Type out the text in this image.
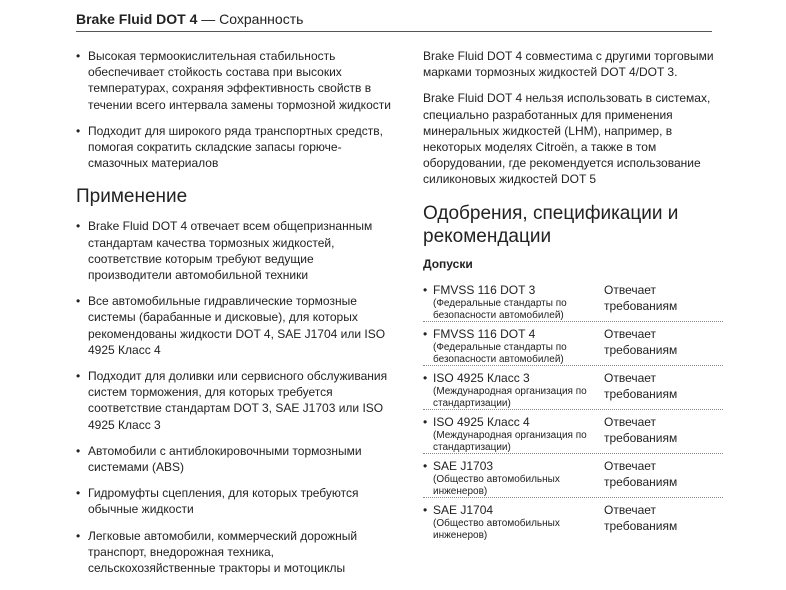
Brake Fluid DOT 4 — Сохранность
• Высокая термоокислительная стабильность обеспечивает стойкость состава при высоких температурах, сохраняя эффективность свойств в течении всего интервала замены тормозной жидкости
• Подходит для широкого ряда транспортных средств, помогая сократить складские запасы горюче-смазочных материалов
Применение
• Brake Fluid DOT 4 отвечает всем общепризнанным стандартам качества тормозных жидкостей, соответствие которым требуют ведущие производители автомобильной техники
• Все автомобильные гидравлические тормозные системы (барабанные и дисковые), для которых рекомендованы жидкости DOT 4, SAE J1704 или ISO 4925 Класс 4
• Подходит для доливки или сервисного обслуживания систем торможения, для которых требуется соответствие стандартам DOT 3, SAE J1703 или ISO 4925 Класс 3
• Автомобили с антиблокировочными тормозными системами (ABS)
• Гидромуфты сцепления, для которых требуются обычные жидкости
• Легковые автомобили, коммерческий дорожный транспорт, внедорожная техника, сельскохозяйственные тракторы и мотоциклы

Brake Fluid DOT 4 совместима с другими торговыми марками тормозных жидкостей DOT 4/DOT 3.

Brake Fluid DOT 4 нельзя использовать в системах, специально разработанных для применения минеральных жидкостей (LHM), например, в некоторых моделях Citroën, а также в том оборудовании, где рекомендуется использование силиконовых жидкостей DOT 5

Одобрения, спецификации и рекомендации
Допуски
• FMVSS 116 DOT 3
(Федеральные стандарты по безопасности автомобилей)
Отвечает требованиям
• FMVSS 116 DOT 4
(Федеральные стандарты по безопасности автомобилей)
Отвечает требованиям
• ISO 4925 Класс 3
(Международная организация по стандартизации)
Отвечает требованиям
• ISO 4925 Класс 4
(Международная организация по стандартизации)
Отвечает требованиям
• SAE J1703
(Общество автомобильных инженеров)
Отвечает требованиям
• SAE J1704
(Общество автомобильных инженеров)
Отвечает требованиям
